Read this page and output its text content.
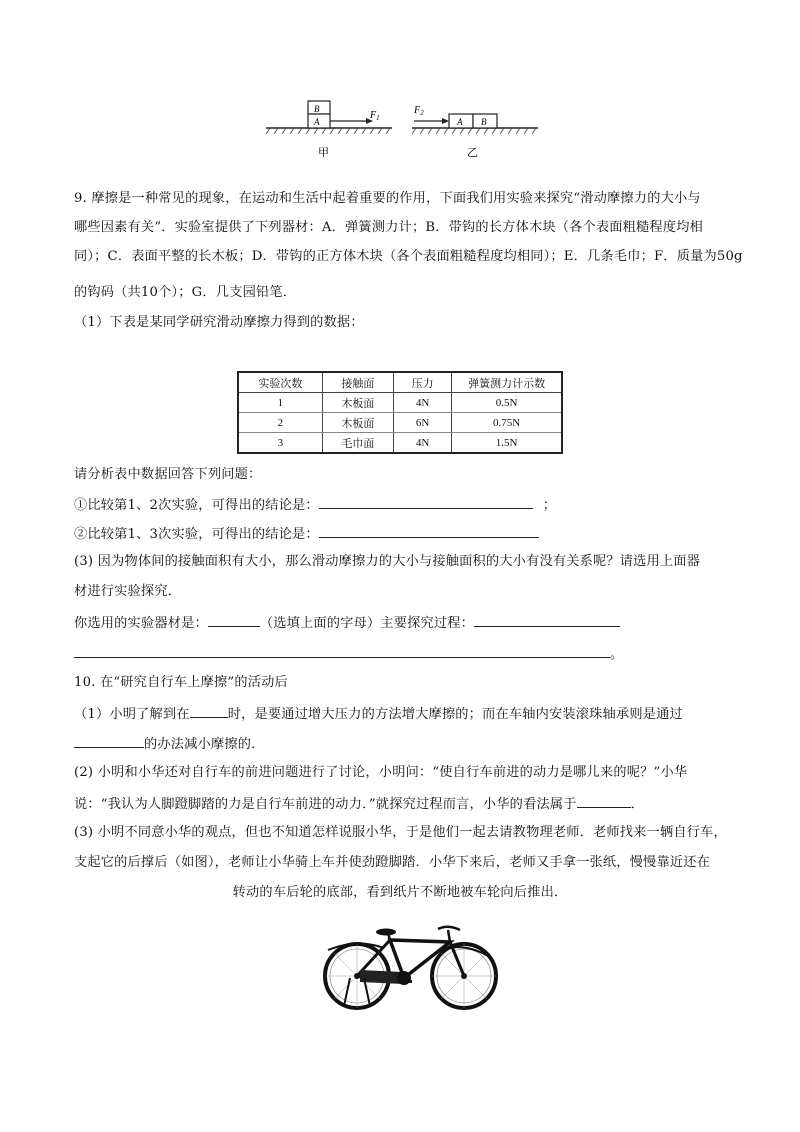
B
A
$F_1$
甲
$F_2$
A B
乙
9. 摩擦是一种常见的现象，在运动和生活中起着重要的作用，下面我们用实验来探究“滑动摩擦力的大小与
哪些因素有关”．实验室提供了下列器材：A．弹簧测力计；B．带钩的长方体木块（各个表面粗糙程度均相
同）；C．表面平整的长木板；D．带钩的正方体木块（各个表面粗糙程度均相同）；E．几条毛巾；F．质量为50g
的钩码（共10个）；G．几支园铅笔．
（1）下表是某同学研究滑动摩擦力得到的数据：
实验次数	接触面	压力	弹簧测力计示数
1	木板面	4N	0.5N
2	木板面	6N	0.75N
3	毛巾面	4N	1.5N
请分析表中数据回答下列问题：
①比较第1、2次实验，可得出的结论是：	；
②比较第1、3次实验，可得出的结论是：
(3) 因为物体间的接触面积有大小，那么滑动摩擦力的大小与接触面积的大小有没有关系呢？请选用上面器
材进行实验探究．
你选用的实验器材是：	（选填上面的字母）主要探究过程：
。
10. 在“研究自行车上摩擦”的活动后
（1）小明了解到在	时，是要通过增大压力的方法增大摩擦的；而在车轴内安装滚珠轴承则是通过
的办法减小摩擦的．
(2) 小明和小华还对自行车的前进问题进行了讨论，小明问：“使自行车前进的动力是哪儿来的呢？”小华
说：“我认为人脚蹬脚踏的力是自行车前进的动力．”就探究过程而言，小华的看法属于	．
(3) 小明不同意小华的观点，但也不知道怎样说服小华，于是他们一起去请教物理老师．老师找来一辆自行车，
支起它的后撑后（如图），老师让小华骑上车并使劲蹬脚踏．小华下来后，老师又手拿一张纸，慢慢靠近还在
转动的车后轮的底部，看到纸片不断地被车轮向后推出．
